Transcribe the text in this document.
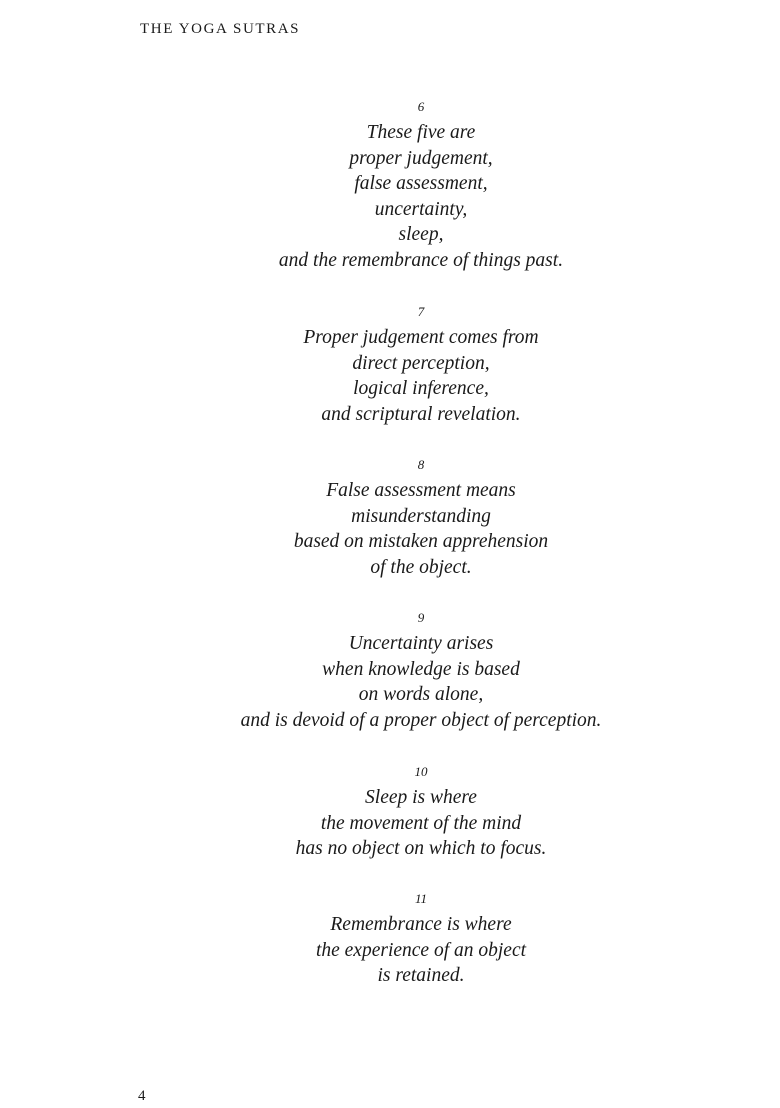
THE YOGA SUTRAS
6
These five are
proper judgement,
false assessment,
uncertainty,
sleep,
and the remembrance of things past.
7
Proper judgement comes from
direct perception,
logical inference,
and scriptural revelation.
8
False assessment means
misunderstanding
based on mistaken apprehension
of the object.
9
Uncertainty arises
when knowledge is based
on words alone,
and is devoid of a proper object of perception.
10
Sleep is where
the movement of the mind
has no object on which to focus.
11
Remembrance is where
the experience of an object
is retained.
4
